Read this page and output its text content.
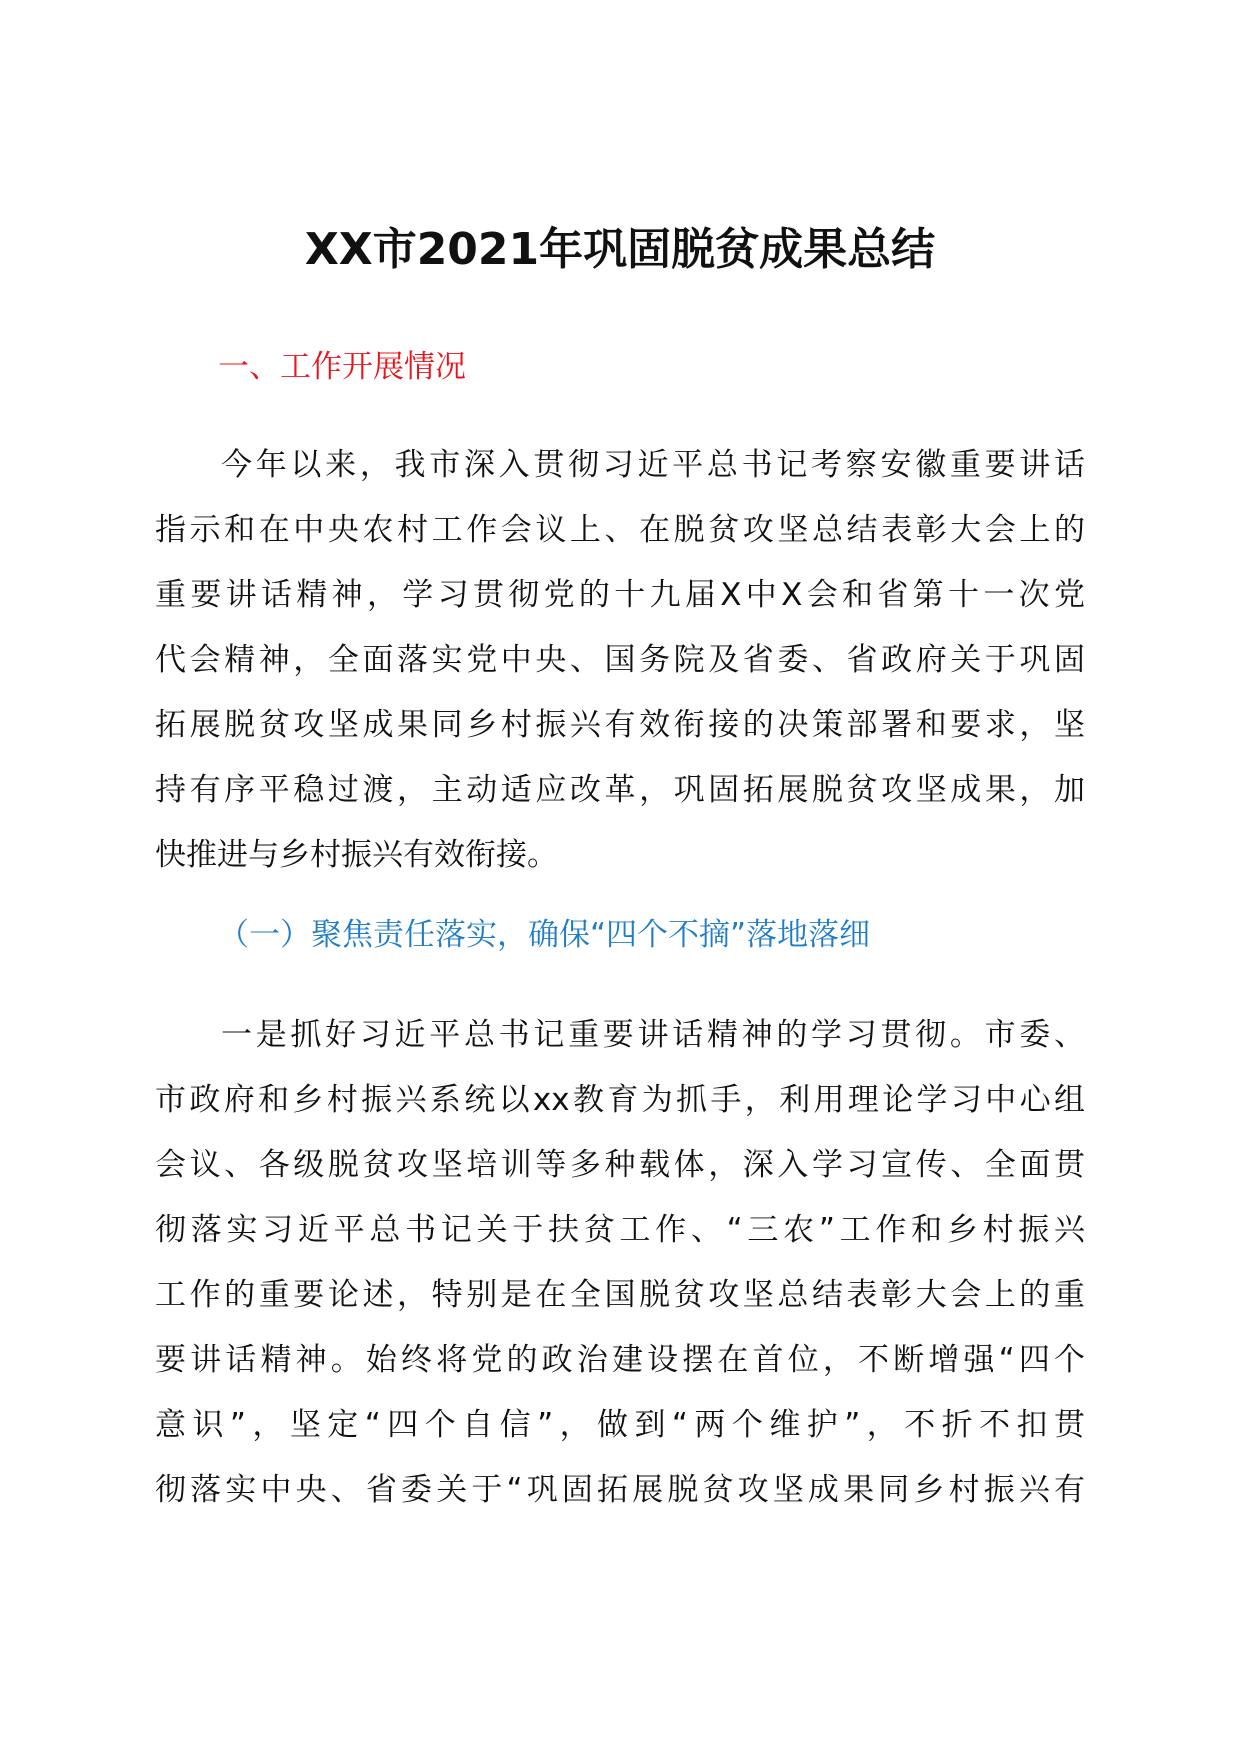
XX市2021年巩固脱贫成果总结
一、工作开展情况
今年以来，我市深入贯彻习近平总书记考察安徽重要讲话
指示和在中央农村工作会议上、在脱贫攻坚总结表彰大会上的
重要讲话精神，学习贯彻党的十九届X中X会和省第十一次党
代会精神，全面落实党中央、国务院及省委、省政府关于巩固
拓展脱贫攻坚成果同乡村振兴有效衔接的决策部署和要求，坚
持有序平稳过渡，主动适应改革，巩固拓展脱贫攻坚成果，加
快推进与乡村振兴有效衔接。
（一）聚焦责任落实，确保“四个不摘”落地落细
一是抓好习近平总书记重要讲话精神的学习贯彻。市委、
市政府和乡村振兴系统以xx教育为抓手，利用理论学习中心组
会议、各级脱贫攻坚培训等多种载体，深入学习宣传、全面贯
彻落实习近平总书记关于扶贫工作、“三农”工作和乡村振兴
工作的重要论述，特别是在全国脱贫攻坚总结表彰大会上的重
要讲话精神。始终将党的政治建设摆在首位，不断增强“四个
意识”，坚定“四个自信”，做到“两个维护”，不折不扣贯
彻落实中央、省委关于“巩固拓展脱贫攻坚成果同乡村振兴有
